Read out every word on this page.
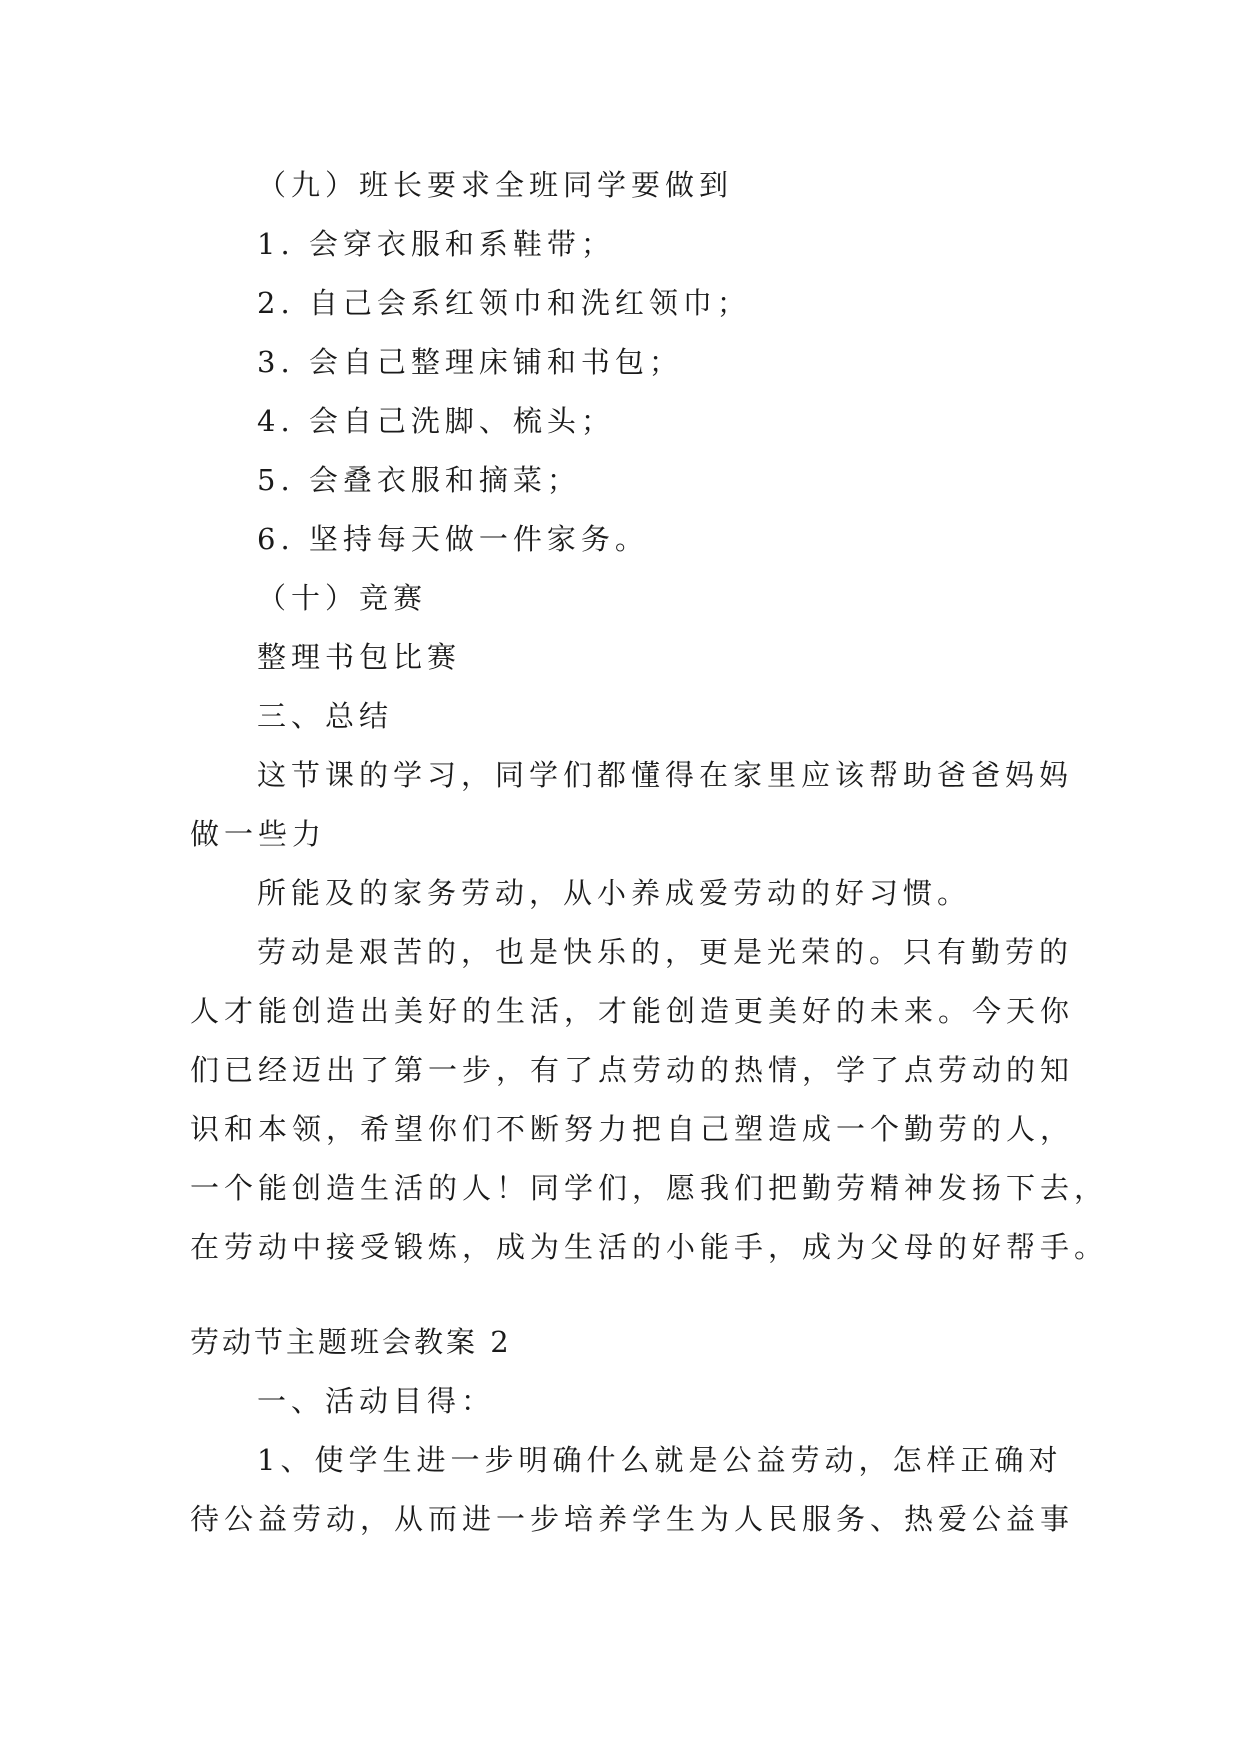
（九）班长要求全班同学要做到
1. 会穿衣服和系鞋带；
2. 自己会系红领巾和洗红领巾；
3. 会自己整理床铺和书包；
4. 会自己洗脚、梳头；
5. 会叠衣服和摘菜；
6. 坚持每天做一件家务。
（十）竞赛
整理书包比赛
三、总结
这节课的学习，同学们都懂得在家里应该帮助爸爸妈妈
做一些力
所能及的家务劳动，从小养成爱劳动的好习惯。
劳动是艰苦的，也是快乐的，更是光荣的。只有勤劳的
人才能创造出美好的生活，才能创造更美好的未来。今天你
们已经迈出了第一步，有了点劳动的热情，学了点劳动的知
识和本领，希望你们不断努力把自己塑造成一个勤劳的人，
一个能创造生活的人！同学们，愿我们把勤劳精神发扬下去，
在劳动中接受锻炼，成为生活的小能手，成为父母的好帮手。
劳动节主题班会教案 2
一、活动目得：
1、使学生进一步明确什么就是公益劳动，怎样正确对
待公益劳动，从而进一步培养学生为人民服务、热爱公益事
